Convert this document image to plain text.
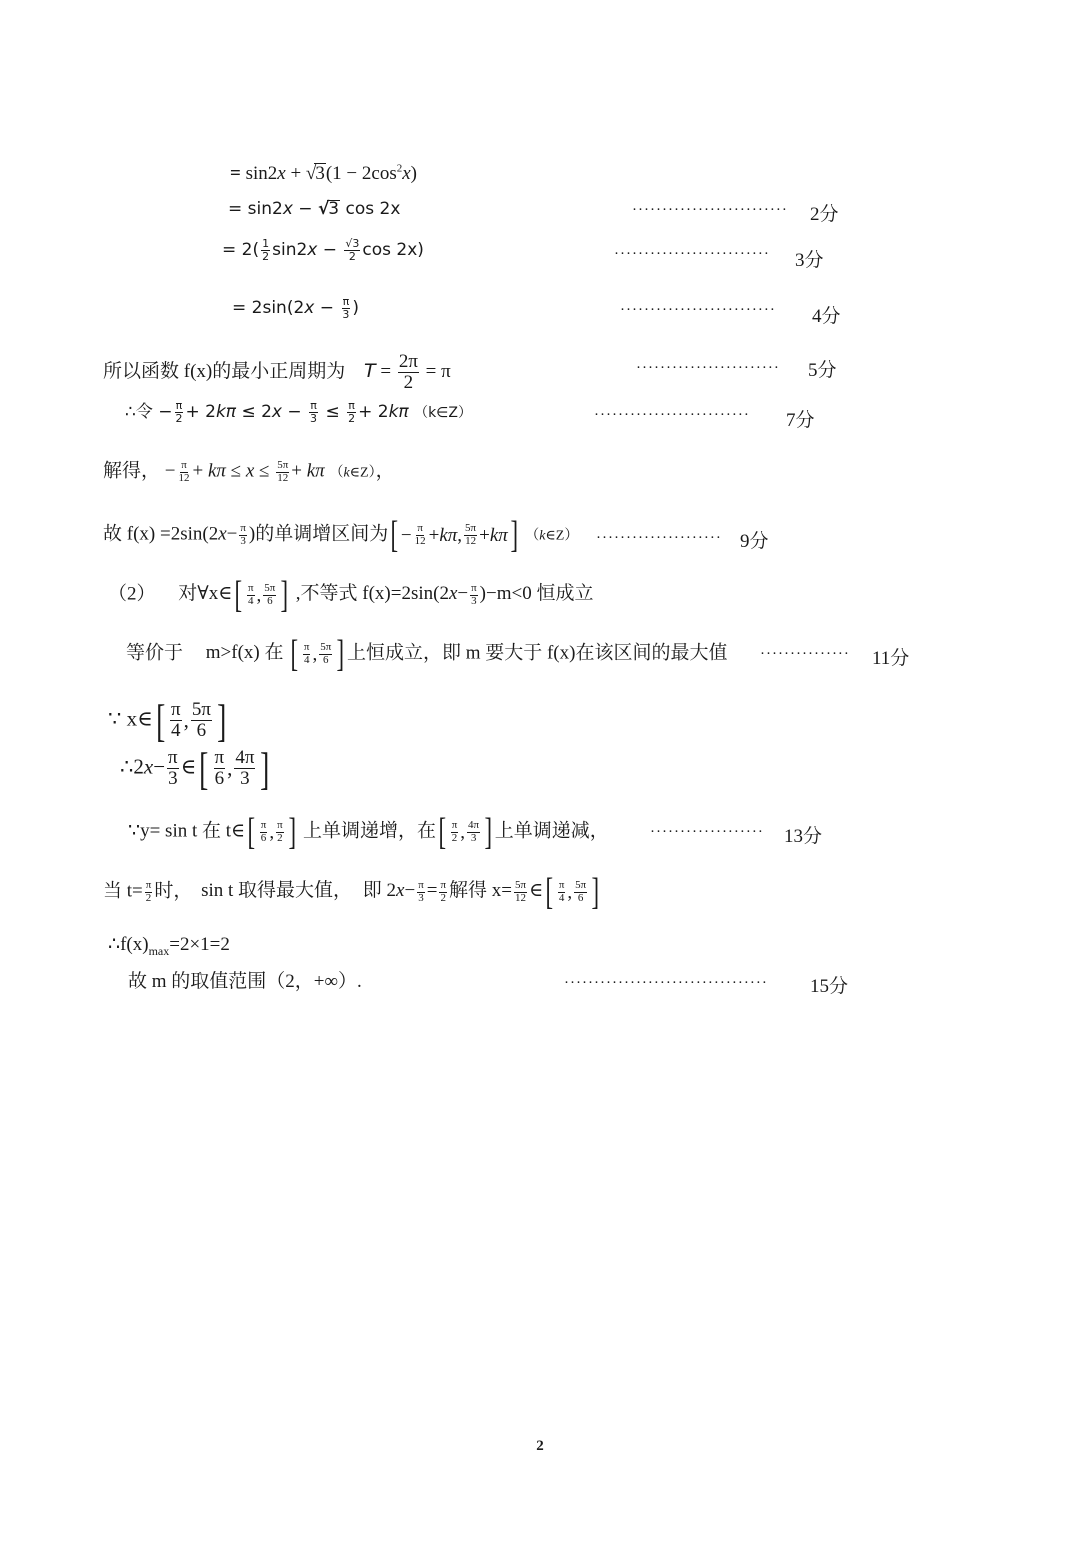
= $\sin 2x + √3(1 - 2\cos^2x)$
= sin2x − √3 cos 2x	·························· 2分
= $2( \frac{1}{2} \sin 2x - \frac{√3}{2}$ cos 2x)	·························· 3分
= $2\sin(2x - \frac{\pi}{3}$ )	·························· 4分
所以函数 f(x)的最小正周期为 $T = \frac{2\pi}{2} = \pi$	························ 5分
∴令 − $\frac{\pi}{2} + 2k\pi \le 2x - \frac{\pi}{3} \le \frac{\pi}{2} + 2k\pi$ （k∈Z）	·························· 7分
解得， − $\frac{\pi}{12} + k\pi \le x \le \frac{5\pi}{12} + k\pi$ （k∈Z），
故 $f(x) =2\sin(2x- \frac{\pi}{3}$ )的单调增区间为 [ − $\frac{\pi}{12} + k\pi$ , $\frac{5\pi}{12} + k\pi$ ] （k∈Z） ····················· 9分
（2） 对∀x∈ [ $\frac{\pi}{4}$ , $\frac{5\pi}{6}$ ] ,不等式 $f(x)=2\sin(2x- \frac{\pi}{3} )-m<0$ 恒成立
等价于 m>f(x) 在 [ $\frac{\pi}{4}$ , $\frac{5\pi}{6}$ ] 上恒成立，即 m 要大于 f(x)在该区间的最大值 ··············· 11分
∵ x∈ [ $\frac{\pi}{4}$ , $\frac{5\pi}{6}$ ]
∴2x− $\frac{\pi}{3}$ ∈ [ $\frac{\pi}{6}$ , $\frac{4\pi}{3}$ ]
∵y= sin t 在 t∈ [ $\frac{\pi}{6}$ , $\frac{\pi}{2}$ ] 上单调递增，在 [ $\frac{\pi}{2}$ , $\frac{4\pi}{3}$ ] 上单调递减，	··················· 13分
当 $t= \frac{\pi}{2}$ 时， sin t 取得最大值， 即 $2x- \frac{\pi}{3} = \frac{\pi}{2}$ 解得 $x= \frac{5\pi}{12}$ ∈ [ $\frac{\pi}{4}$ , $\frac{5\pi}{6}$ ]
$\therefore f(x)_{max}=2\times 1=2$
故 m 的取值范围（2，+∞）.	·································· 15分
2
